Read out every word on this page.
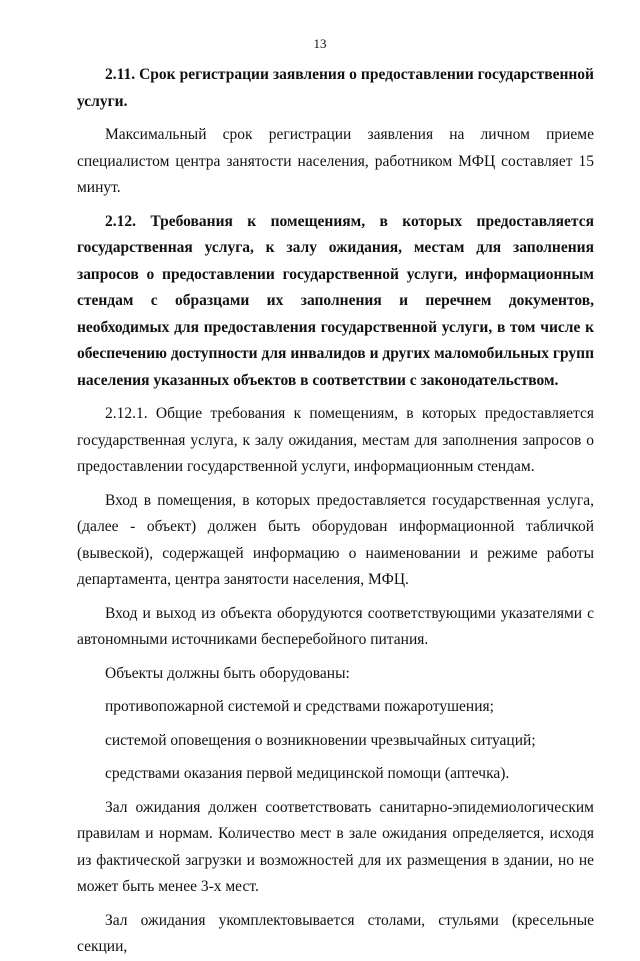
13

2.11. Срок регистрации заявления о предоставлении государственной услуги.

Максимальный срок регистрации заявления на личном приеме специалистом центра занятости населения, работником МФЦ составляет 15 минут.

2.12. Требования к помещениям, в которых предоставляется государственная услуга, к залу ожидания, местам для заполнения запросов о предоставлении государственной услуги, информационным стендам с образцами их заполнения и перечнем документов, необходимых для предоставления государственной услуги, в том числе к обеспечению доступности для инвалидов и других маломобильных групп населения указанных объектов в соответствии с законодательством.

2.12.1. Общие требования к помещениям, в которых предоставляется государственная услуга, к залу ожидания, местам для заполнения запросов о предоставлении государственной услуги, информационным стендам.

Вход в помещения, в которых предоставляется государственная услуга, (далее - объект) должен быть оборудован информационной табличкой (вывеской), содержащей информацию о наименовании и режиме работы департамента, центра занятости населения, МФЦ.

Вход и выход из объекта оборудуются соответствующими указателями с автономными источниками бесперебойного питания.

Объекты должны быть оборудованы:

противопожарной системой и средствами пожаротушения;

системой оповещения о возникновении чрезвычайных ситуаций;

средствами оказания первой медицинской помощи (аптечка).

Зал ожидания должен соответствовать санитарно-эпидемиологическим правилам и нормам. Количество мест в зале ожидания определяется, исходя из фактической загрузки и возможностей для их размещения в здании, но не может быть менее 3-х мест.

Зал ожидания укомплектовывается столами, стульями (кресельные секции,
